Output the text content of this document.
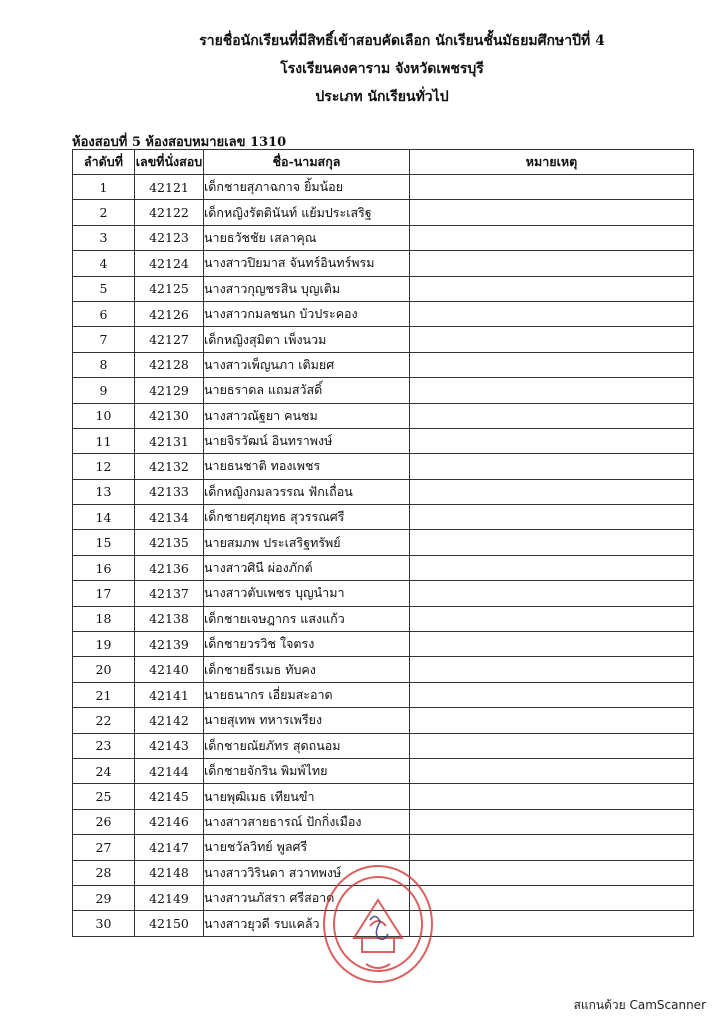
รายชื่อนักเรียนที่มีสิทธิ์เข้าสอบคัดเลือก นักเรียนชั้นมัธยมศึกษาปีที่ 4
โรงเรียนคงคาราม จังหวัดเพชรบุรี
ประเภท นักเรียนทั่วไป
ห้องสอบที่ 5 ห้องสอบหมายเลข 1310
ลำดับที่	เลขที่นั่งสอบ	ชื่อ-นามสกุล	หมายเหตุ
1	42121	เด็กชายสุภาฉกาจ ยิ้มน้อย	
2	42122	เด็กหญิงรัตตินันท์ แย้มประเสริฐ	
3	42123	นายธวัชชัย เสลาคุณ	
4	42124	นางสาวปิยมาส จันทร์อินทร์พรม	
5	42125	นางสาวกุญชรสิน บุญเติม	
6	42126	นางสาวกมลชนก บัวประคอง	
7	42127	เด็กหญิงสุมิตา เพ็งนวม	
8	42128	นางสาวเพ็ญนภา เติมยศ	
9	42129	นายธราดล แถมสวัสดิ์	
10	42130	นางสาวณัฐยา คนชม	
11	42131	นายจิรวัฒน์ อินทราพงษ์	
12	42132	นายธนชาติ ทองเพชร	
13	42133	เด็กหญิงกมลวรรณ ฟักเถื่อน	
14	42134	เด็กชายศุภยุทธ สุวรรณศรี	
15	42135	นายสมภพ ประเสริฐทรัพย์	
16	42136	นางสาวศินี ผ่องภักต์	
17	42137	นางสาวตับเพชร บุญนำมา	
18	42138	เด็กชายเจษฎากร แสงแก้ว	
19	42139	เด็กชายวรวิช ใจตรง	
20	42140	เด็กชายธีรเมธ ทับคง	
21	42141	นายธนากร เอี่ยมสะอาด	
22	42142	นายสุเทพ ทหารเพรียง	
23	42143	เด็กชายณัยภัทร สุดถนอม	
24	42144	เด็กชายจักริน พิมพ์ไทย	
25	42145	นายพุฒิเมธ เทียนขำ	
26	42146	นางสาวสายธารณ์ ปักกิ่งเมือง	
27	42147	นายชวัลวิทย์ พูลศรี	
28	42148	นางสาววิรินดา สวาทพงษ์	
29	42149	นางสาวนภัสรา ศรีสอาด	
30	42150	นางสาวยุวดี รบแคล้ว	
สแกนด้วย CamScanner
